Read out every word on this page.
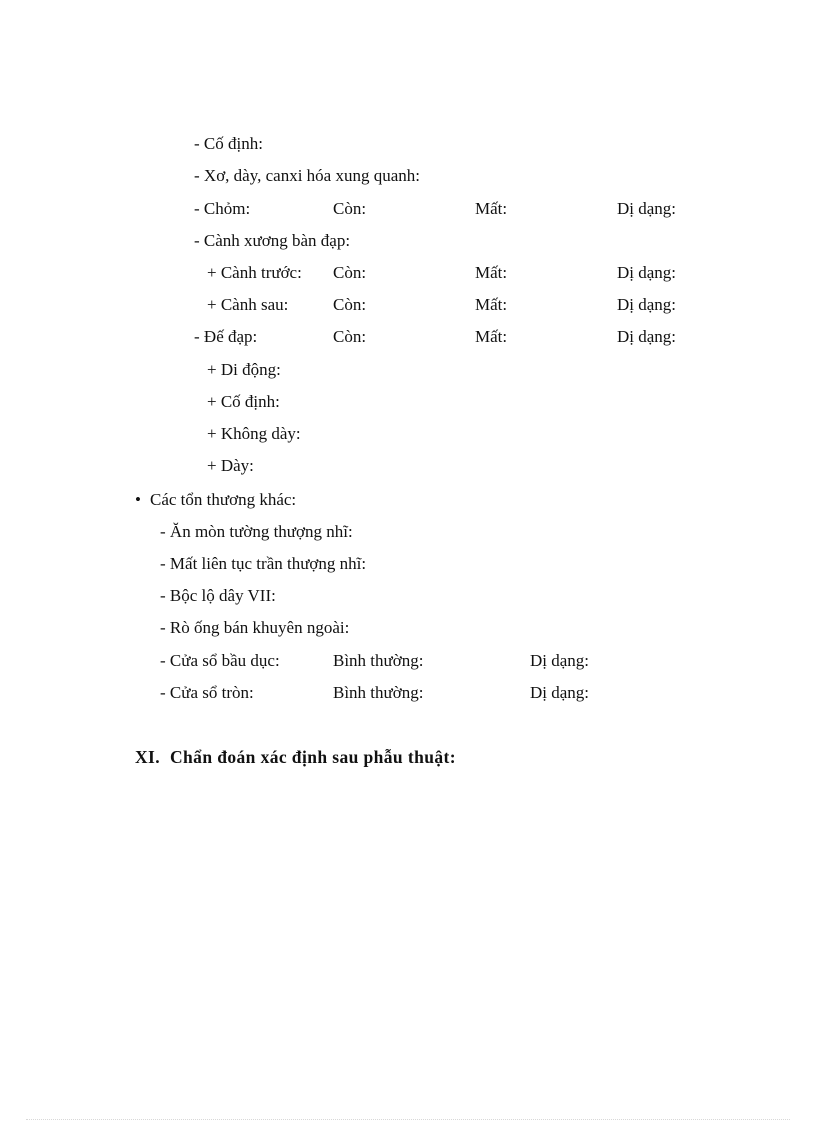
- Cố định:
- Xơ, dày, canxi hóa xung quanh:
- Chỏm:	Còn:	Mất:	Dị dạng:
- Cành xương bàn đạp:
+ Cành trước: Còn:	Mất:	Dị dạng:
+ Cành sau:	Còn:	Mất:	Dị dạng:
- Đế đạp:	Còn:	Mất:	Dị dạng:
+ Di động:
+ Cố định:
+ Không dày:
+ Dày:
• Các tổn thương khác:
- Ăn mòn tường thượng nhĩ:
- Mất liên tục trần thượng nhĩ:
- Bộc lộ dây VII:
- Rò ống bán khuyên ngoài:
- Cửa sổ bầu dục:	Bình thường:	Dị dạng:
- Cửa sổ tròn:	Bình thường:	Dị dạng:
XI. Chẩn đoán xác định sau phẫu thuật:
